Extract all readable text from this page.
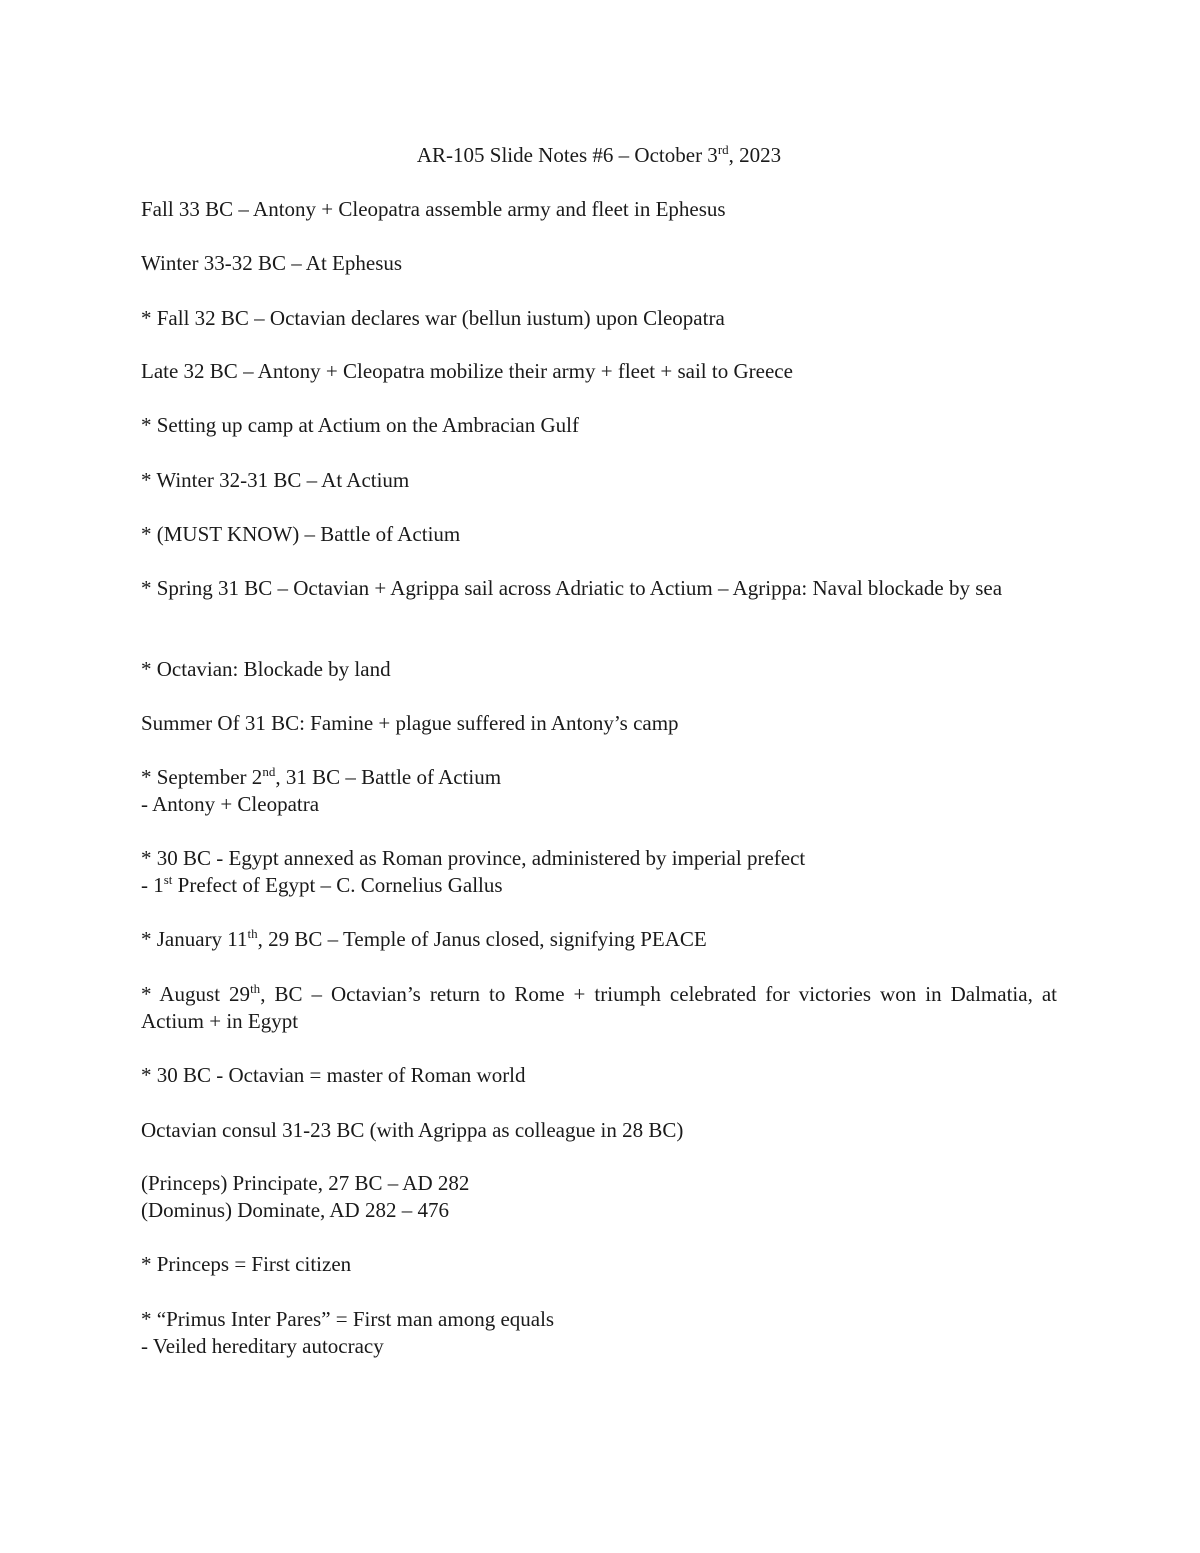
AR-105 Slide Notes #6 – October 3rd, 2023

Fall 33 BC – Antony + Cleopatra assemble army and fleet in Ephesus

Winter 33-32 BC – At Ephesus

* Fall 32 BC – Octavian declares war (bellun iustum) upon Cleopatra

Late 32 BC – Antony + Cleopatra mobilize their army + fleet + sail to Greece

* Setting up camp at Actium on the Ambracian Gulf

* Winter 32-31 BC – At Actium

* (MUST KNOW) – Battle of Actium

* Spring 31 BC – Octavian + Agrippa sail across Adriatic to Actium – Agrippa: Naval blockade by sea

* Octavian: Blockade by land

Summer Of 31 BC: Famine + plague suffered in Antony’s camp

* September 2nd, 31 BC – Battle of Actium
- Antony + Cleopatra

* 30 BC - Egypt annexed as Roman province, administered by imperial prefect
- 1st Prefect of Egypt – C. Cornelius Gallus

* January 11th, 29 BC – Temple of Janus closed, signifying PEACE

* August 29th, BC – Octavian’s return to Rome + triumph celebrated for victories won in Dalmatia, at Actium + in Egypt

* 30 BC - Octavian = master of Roman world

Octavian consul 31-23 BC (with Agrippa as colleague in 28 BC)

(Princeps) Principate, 27 BC – AD 282
(Dominus) Dominate, AD 282 – 476

* Princeps = First citizen

* “Primus Inter Pares” = First man among equals
- Veiled hereditary autocracy
